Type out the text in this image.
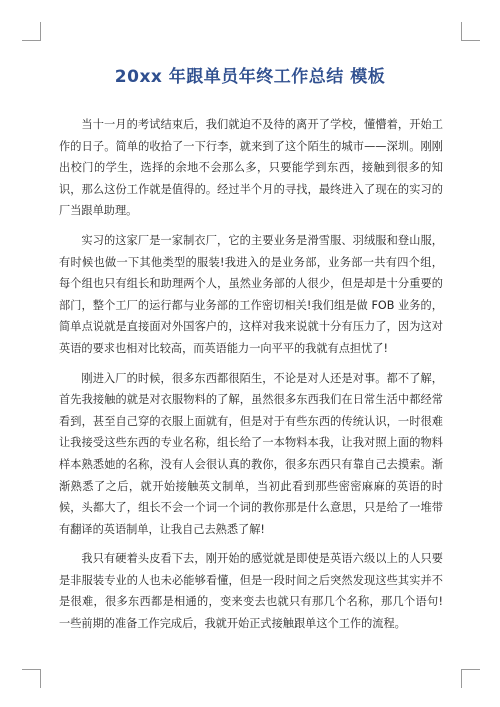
20xx 年跟单员年终工作总结 模板

当十一月的考试结束后，我们就迫不及待的离开了学校，懂懵着，开始工作的日子。简单的收拾了一下行李，就来到了这个陌生的城市——深圳。刚刚出校门的学生，选择的余地不会那么多，只要能学到东西，接触到很多的知识，那么这份工作就是值得的。经过半个月的寻找，最终进入了现在的实习的厂当跟单助理。

实习的这家厂是一家制衣厂，它的主要业务是滑雪服、羽绒服和登山服，有时候也做一下其他类型的服装!我进入的是业务部，业务部一共有四个组，每个组也只有组长和助理两个人，虽然业务部的人很少，但是却是十分重要的部门，整个工厂的运行都与业务部的工作密切相关!我们组是做 FOB 业务的，简单点说就是直接面对外国客户的，这样对我来说就十分有压力了，因为这对英语的要求也相对比较高，而英语能力一向平平的我就有点担忧了!

刚进入厂的时候，很多东西都很陌生，不论是对人还是对事。都不了解，首先我接触的就是对衣服物料的了解，虽然很多东西我们在日常生活中都经常看到，甚至自己穿的衣服上面就有，但是对于有些东西的传统认识，一时很难让我接受这些东西的专业名称，组长给了一本物料本我，让我对照上面的物料样本熟悉她的名称，没有人会很认真的教你，很多东西只有靠自己去摸索。渐渐熟悉了之后，就开始接触英文制单，当初此看到那些密密麻麻的英语的时候，头都大了，组长不会一个词一个词的教你那是什么意思，只是给了一堆带有翻译的英语制单，让我自己去熟悉了解!

我只有硬着头皮看下去，刚开始的感觉就是即使是英语六级以上的人只要是非服装专业的人也未必能够看懂，但是一段时间之后突然发现这些其实并不是很难，很多东西都是相通的，变来变去也就只有那几个名称，那几个语句!一些前期的准备工作完成后，我就开始正式接触跟单这个工作的流程。
